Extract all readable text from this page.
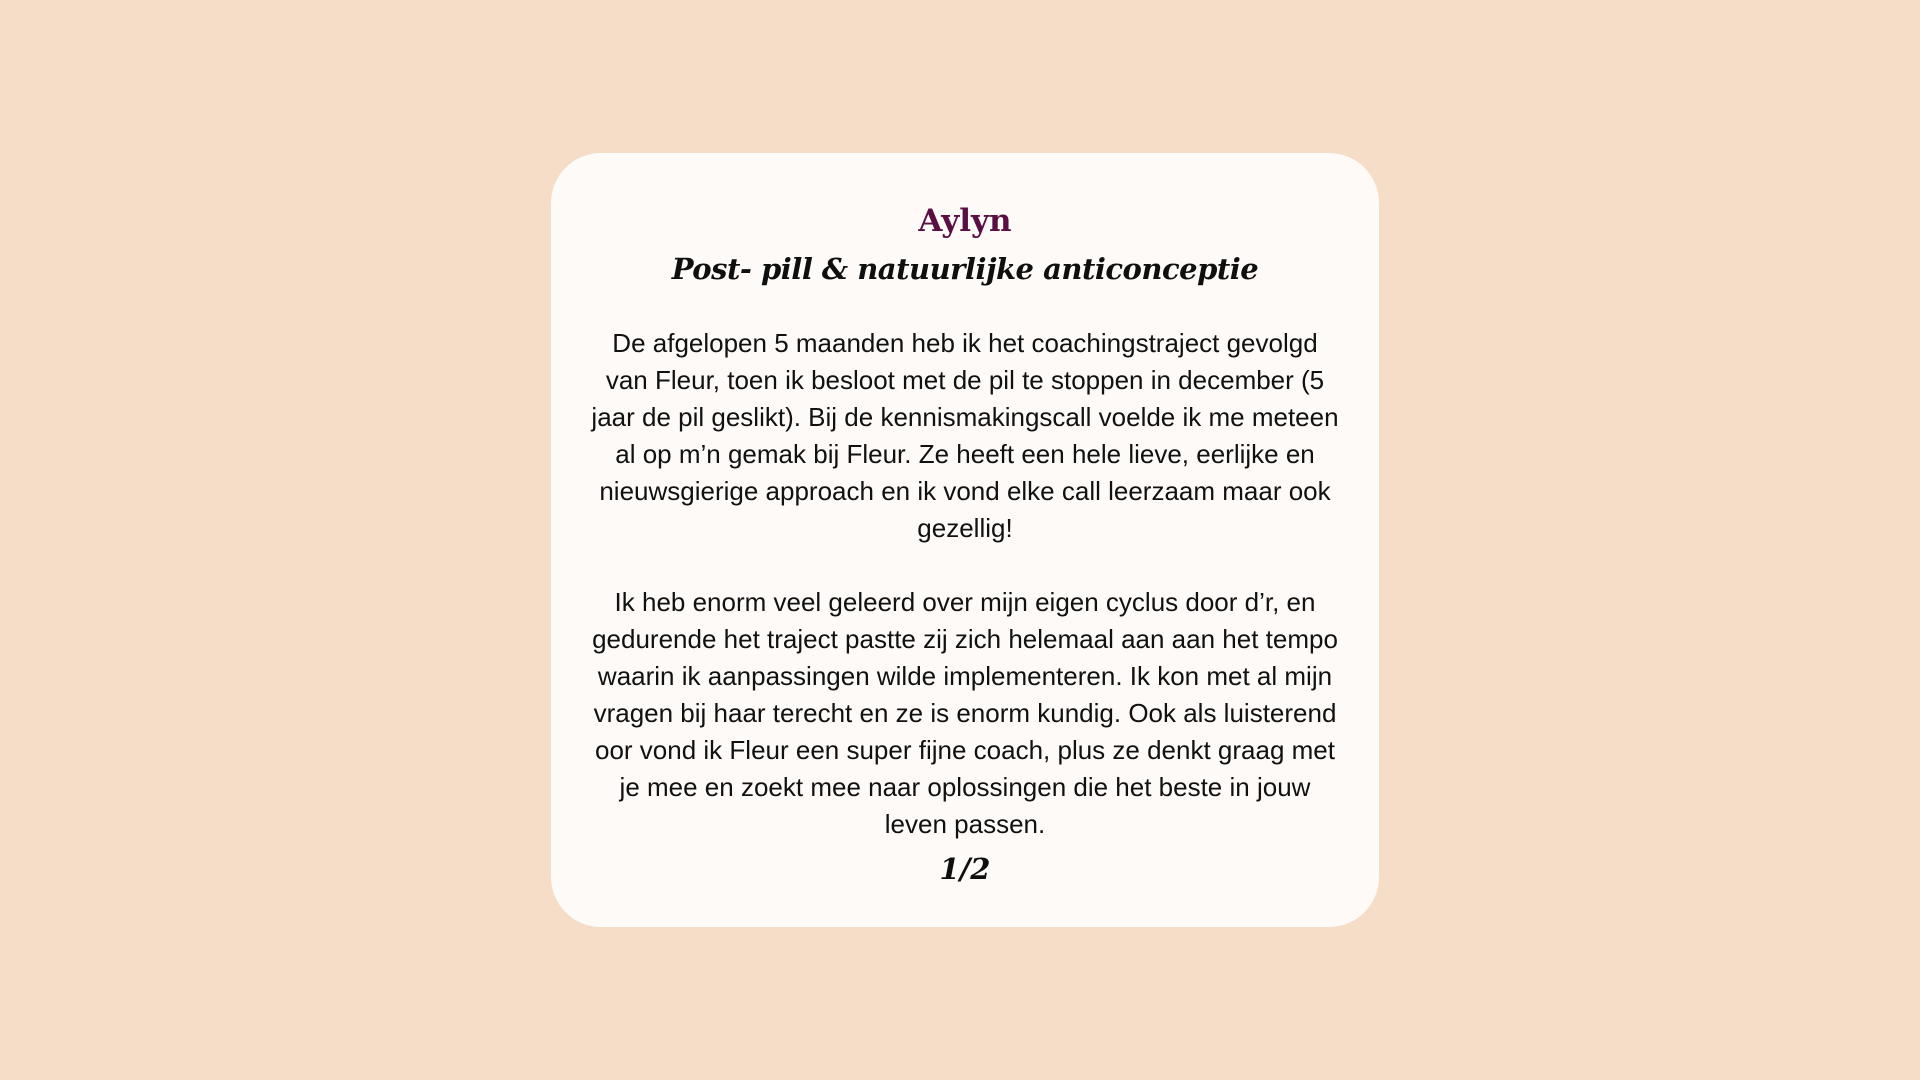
Aylyn
Post- pill & natuurlijke anticonceptie

De afgelopen 5 maanden heb ik het coachingstraject gevolgd van Fleur, toen ik besloot met de pil te stoppen in december (5 jaar de pil geslikt). Bij de kennismakingscall voelde ik me meteen al op m’n gemak bij Fleur. Ze heeft een hele lieve, eerlijke en nieuwsgierige approach en ik vond elke call leerzaam maar ook gezellig!

Ik heb enorm veel geleerd over mijn eigen cyclus door d’r, en gedurende het traject pastte zij zich helemaal aan aan het tempo waarin ik aanpassingen wilde implementeren. Ik kon met al mijn vragen bij haar terecht en ze is enorm kundig. Ook als luisterend oor vond ik Fleur een super fijne coach, plus ze denkt graag met je mee en zoekt mee naar oplossingen die het beste in jouw leven passen.

1/2
